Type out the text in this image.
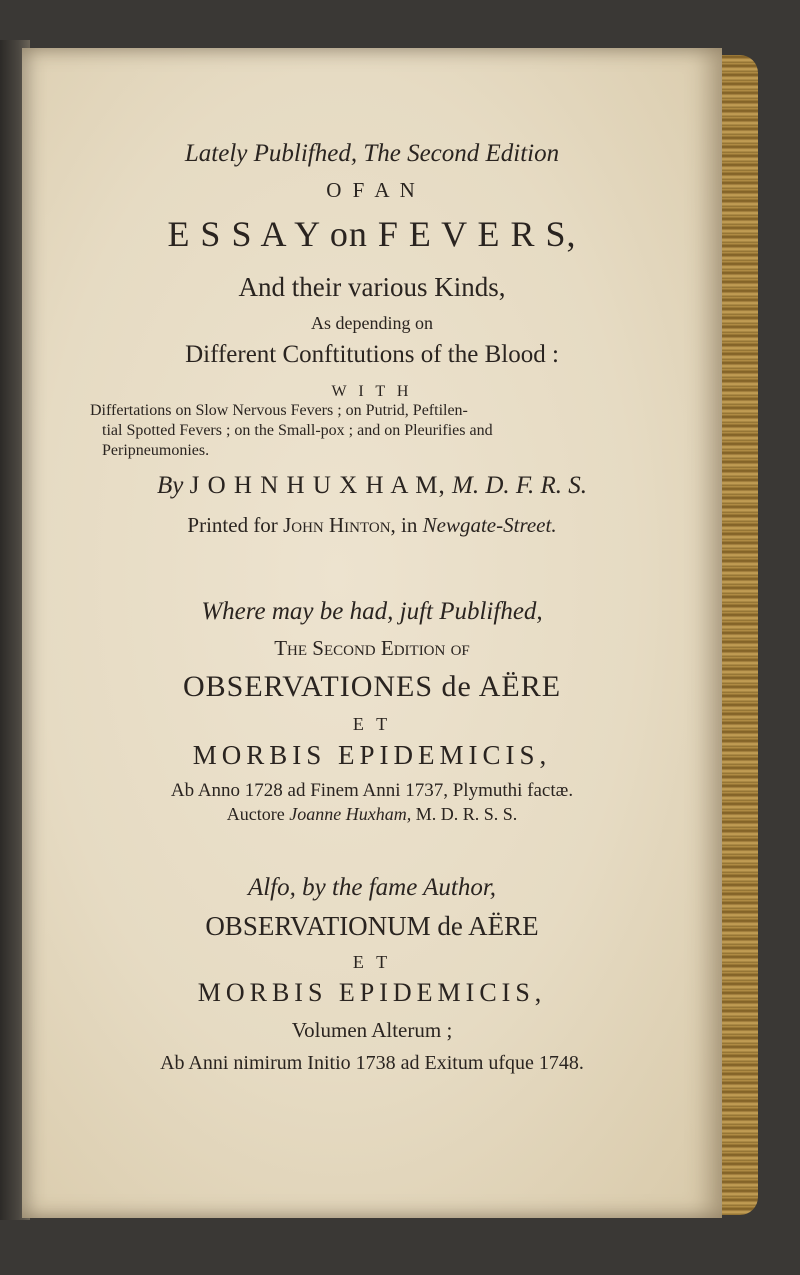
Lately Publifhed, The Second Edition
O F A N
E S S A Y on F E V E R S,
And their various Kinds,
As depending on
Different Conftitutions of the Blood :
W I T H
Differtations on Slow Nervous Fevers ; on Putrid, Peftilen-
tial Spotted Fevers ; on the Small-pox ; and on Pleurifies and
Peripneumonies.
By J O H N H U X H A M, M. D. F. R. S.
Printed for John Hinton, in Newgate-Street.
Where may be had, juft Publifhed,
The Second Edition of
OBSERVATIONES de AËRE
E T
MORBIS EPIDEMICIS,
Ab Anno 1728 ad Finem Anni 1737, Plymuthi factæ.
Auctore Joanne Huxham, M. D. R. S. S.
Alfo, by the fame Author,
OBSERVATIONUM de AËRE
E T
MORBIS EPIDEMICIS,
Volumen Alterum ;
Ab Anni nimirum Initio 1738 ad Exitum ufque 1748.
